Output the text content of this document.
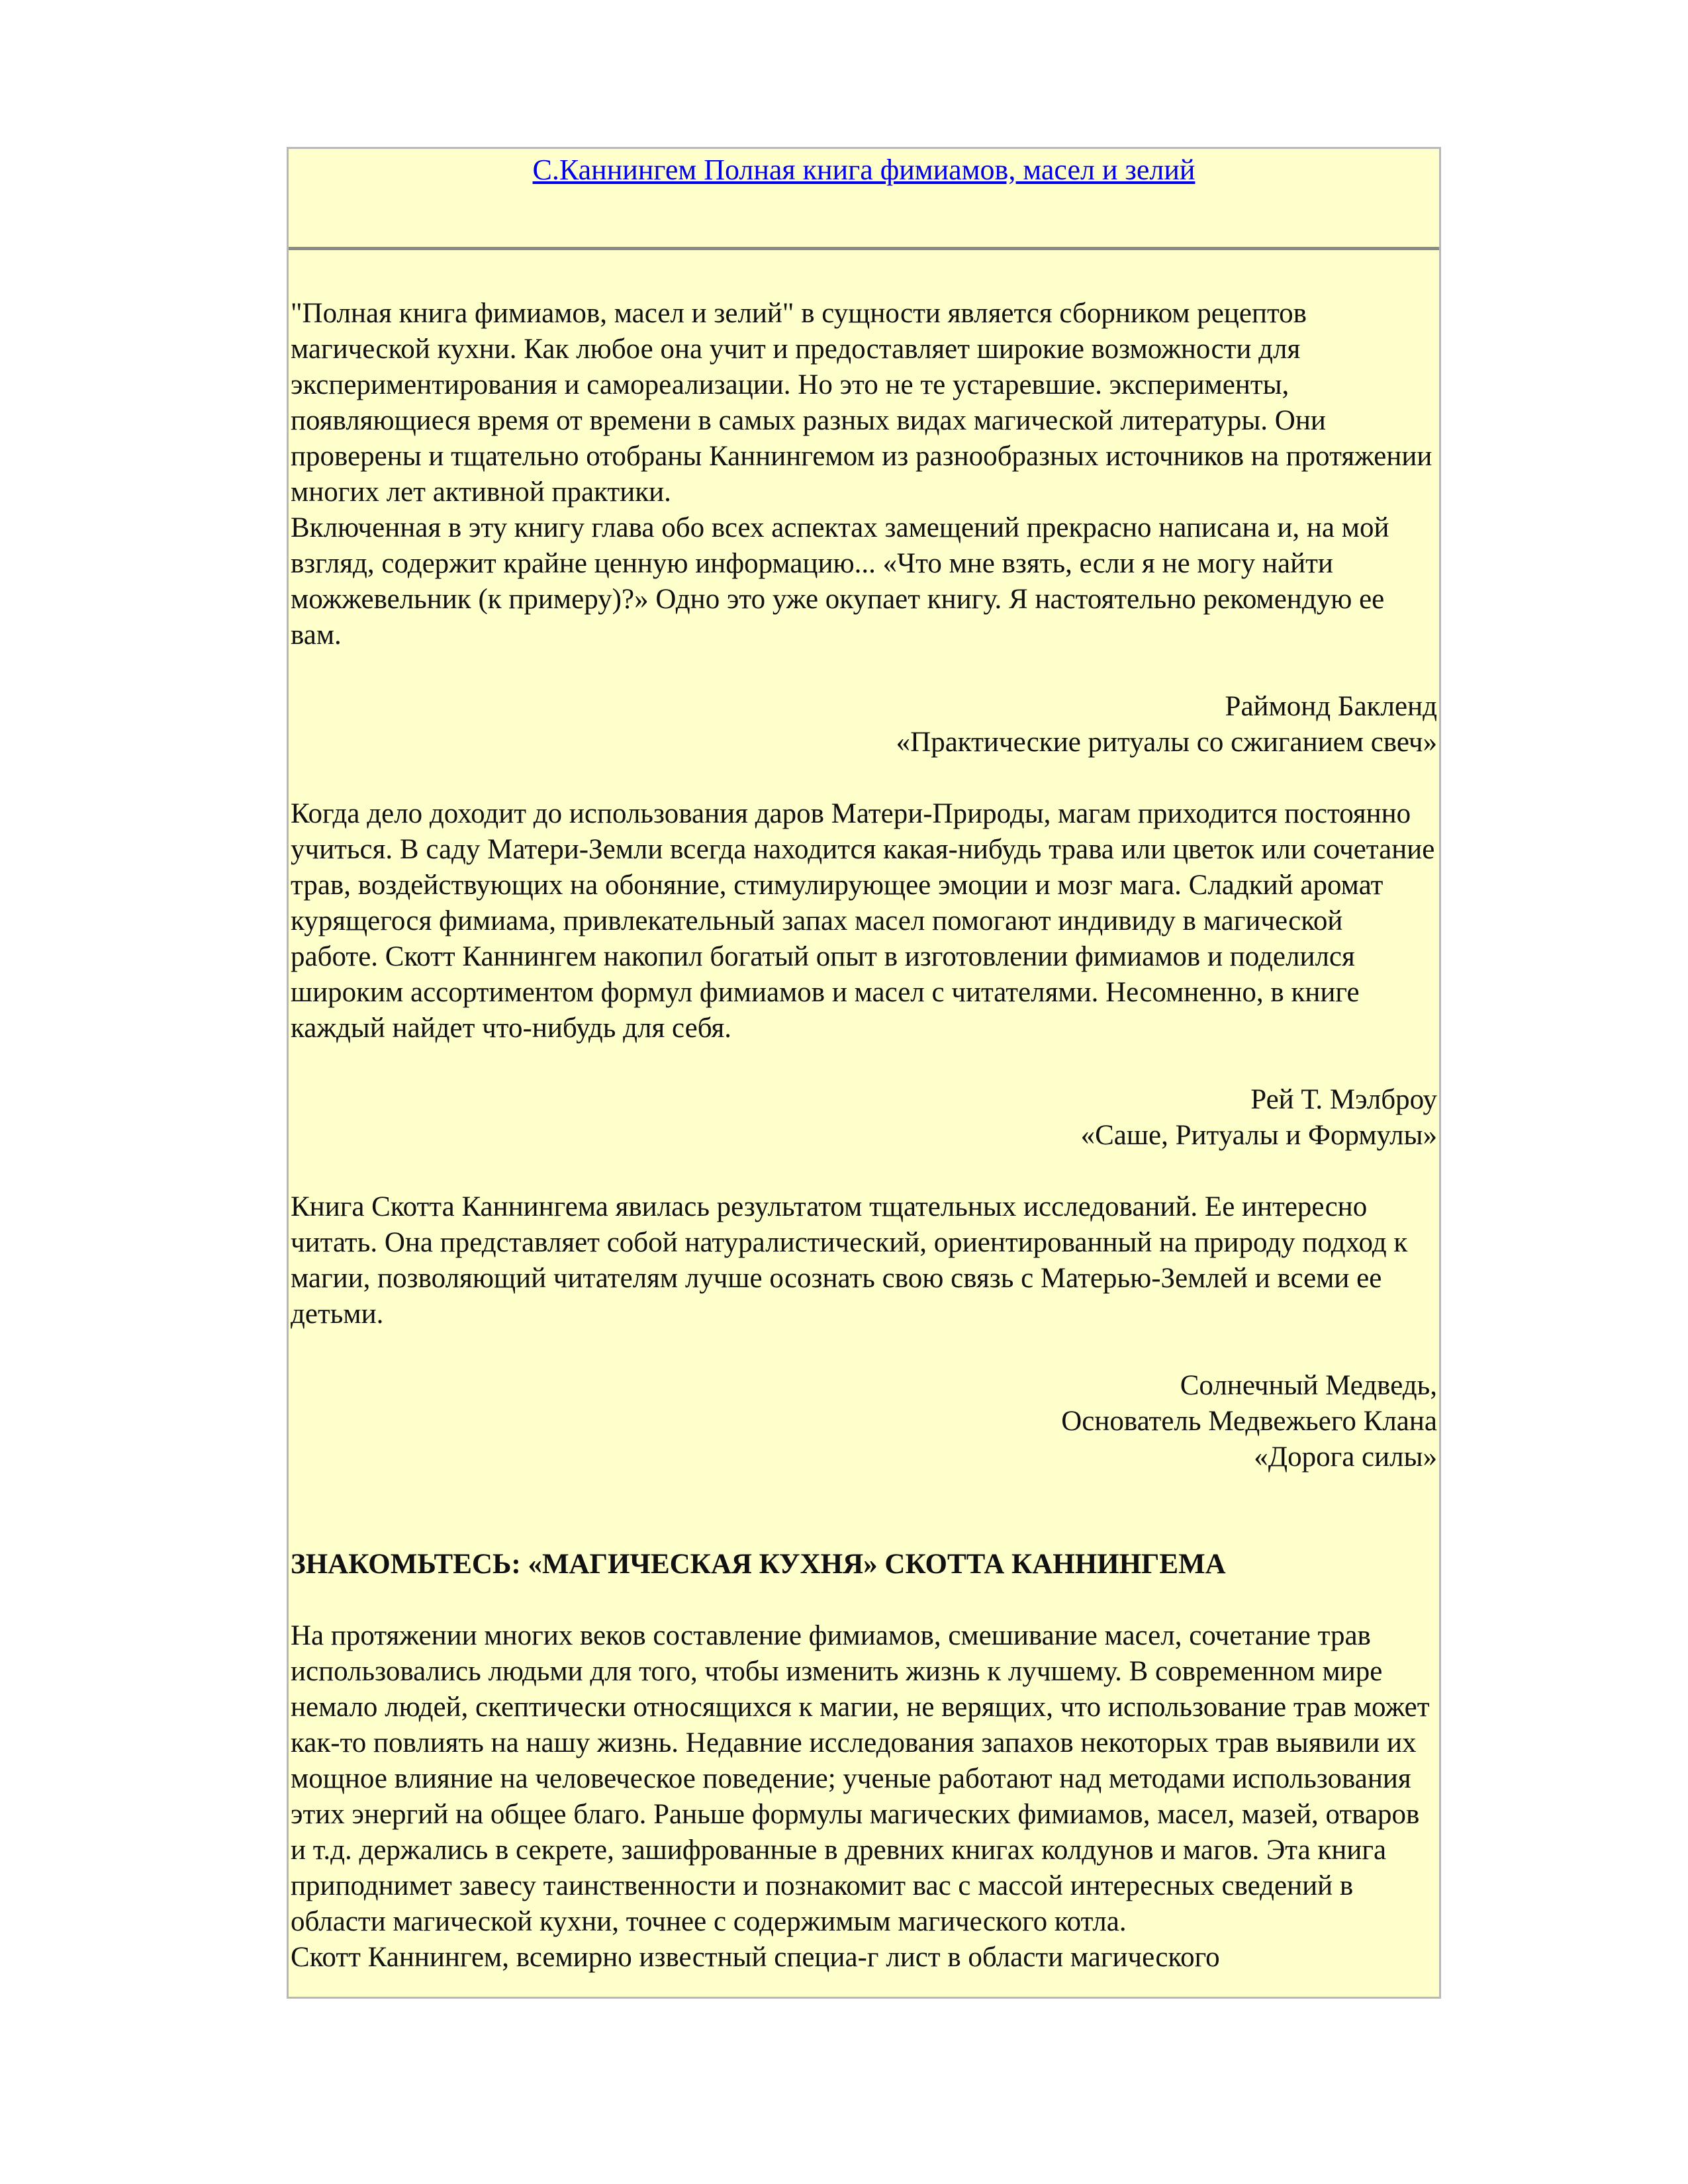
С.Каннингем Полная книга фимиамов, масел и зелий

"Полная книга фимиамов, масел и зелий" в сущности является сборником рецептов магической кухни. Как любое она учит и предоставляет широкие возможности для экспериментирования и самореализации. Но это не те устаревшие. эксперименты, появляющиеся время от времени в самых разных видах магической литературы. Они проверены и тщательно отобраны Каннингемом из разнообразных источников на протяжении многих лет активной практики.

Включенная в эту книгу глава обо всех аспектах замещений прекрасно написана и, на мой взгляд, содержит крайне ценную информацию... «Что мне взять, если я не могу найти можжевельник (к примеру)?» Одно это уже окупает книгу. Я настоятельно рекомендую ее вам.

Раймонд Бакленд

«Практические ритуалы со сжиганием свеч»

Когда дело доходит до использования даров Матери-Природы, магам приходится постоянно учиться. В саду Матери-Земли всегда находится какая-нибудь трава или цветок или сочетание трав, воздействующих на обоняние, стимулирующее эмоции и мозг мага. Сладкий аромат курящегося фимиама, привлекательный запах масел помогают индивиду в магической работе. Скотт Каннингем накопил богатый опыт в изготовлении фимиамов и поделился широким ассортиментом формул фимиамов и масел с читателями. Несомненно, в книге каждый найдет что-нибудь для себя.

Рей Т. Мэлброу

«Саше, Ритуалы и Формулы»

Книга Скотта Каннингема явилась результатом тщательных исследований. Ее интересно читать. Она представляет собой натуралистический, ориентированный на природу подход к магии, позволяющий читателям лучше осознать свою связь с Матерью-Землей и всеми ее детьми.

Солнечный Медведь,

Основатель Медвежьего Клана

«Дорога силы»

ЗНАКОМЬТЕСЬ: «МАГИЧЕСКАЯ КУХНЯ» СКОТТА КАННИНГЕМА

На протяжении многих веков составление фимиамов, смешивание масел, сочетание трав использовались людьми для того, чтобы изменить жизнь к лучшему. В современном мире немало людей, скептически относящихся к магии, не верящих, что использование трав может как-то повлиять на нашу жизнь. Недавние исследования запахов некоторых трав выявили их мощное влияние на человеческое поведение; ученые работают над методами использования этих энергий на общее благо. Раньше формулы магических фимиамов, масел, мазей, отваров и т.д. держались в секрете, зашифрованные в древних книгах колдунов и магов. Эта книга приподнимет завесу таинственности и познакомит вас с массой интересных сведений в области магической кухни, точнее с содержимым магического котла.

Скотт Каннингем, всемирно известный специа-г лист в области магического
